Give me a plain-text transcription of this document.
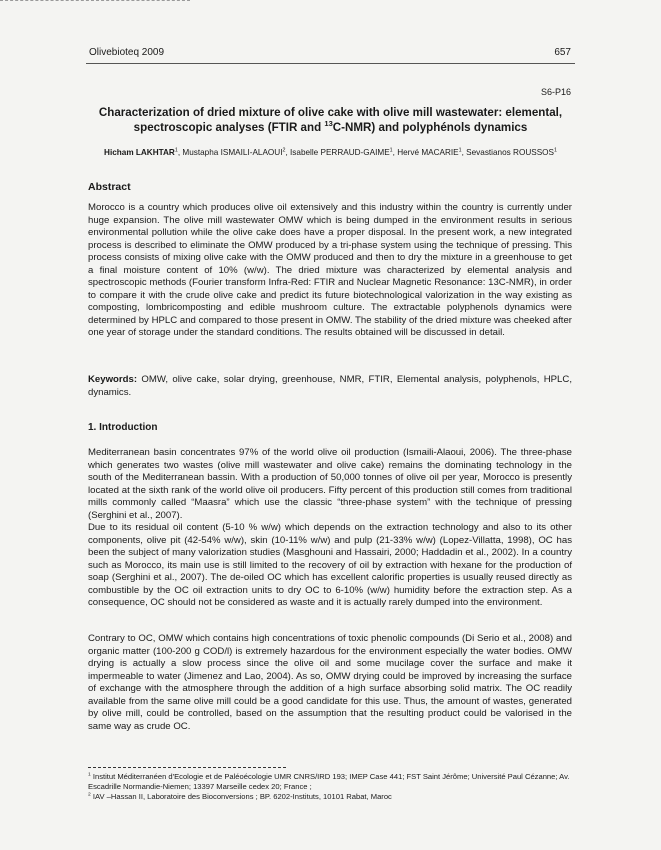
Olivebioteq 2009	657
S6-P16
Characterization of dried mixture of olive cake with olive mill wastewater: elemental,
spectroscopic analyses (FTIR and $^{13}$C-NMR) and polyphénols dynamics
Hicham LAKHTAR$^1$, Mustapha ISMAILI-ALAOUI$^2$, Isabelle PERRAUD-GAIME$^1$, Hervé MACARIE$^1$, Sevastianos ROUSSOS$^1$
Abstract

Morocco is a country which produces olive oil extensively and this industry within the country is currently under huge expansion. The olive mill wastewater OMW which is being dumped in the environment results in serious environmental pollution while the olive cake does have a proper disposal. In the present work, a new integrated process is described to eliminate the OMW produced by a tri-phase system using the technique of pressing. This process consists of mixing olive cake with the OMW produced and then to dry the mixture in a greenhouse to get a final moisture content of 10% (w/w). The dried mixture was characterized by elemental analysis and spectroscopic methods (Fourier transform Infra-Red: FTIR and Nuclear Magnetic Resonance: 13C-NMR), in order to compare it with the crude olive cake and predict its future biotechnological valorization in the way existing as composting, lombricomposting and edible mushroom culture. The extractable polyphenols dynamics were determined by HPLC and compared to those present in OMW. The stability of the dried mixture was cheeked after one year of storage under the standard conditions. The results obtained will be discussed in detail.

Keywords: OMW, olive cake, solar drying, greenhouse, NMR, FTIR, Elemental analysis, polyphenols, HPLC, dynamics.

1. Introduction

Mediterranean basin concentrates 97% of the world olive oil production (Ismaili-Alaoui, 2006). The three-phase which generates two wastes (olive mill wastewater and olive cake) remains the dominating technology in the south of the Mediterranean bassin. With a production of 50,000 tonnes of olive oil per year, Morocco is presently located at the sixth rank of the world olive oil producers. Fifty percent of this production still comes from traditional mills commonly called “Maasra” which use the classic “three-phase system” with the technique of pressing (Serghini et al., 2007).

Due to its residual oil content (5-10 % w/w) which depends on the extraction technology and also to its other components, olive pit (42-54% w/w), skin (10-11% w/w) and pulp (21-33% w/w) (Lopez-Villatta, 1998), OC has been the subject of many valorization studies (Masghouni and Hassairi, 2000; Haddadin et al., 2002). In a country such as Morocco, its main use is still limited to the recovery of oil by extraction with hexane for the production of soap (Serghini et al., 2007). The de-oiled OC which has excellent calorific properties is usually reused directly as combustible by the OC oil extraction units to dry OC to 6-10% (w/w) humidity before the extraction step. As a consequence, OC should not be considered as waste and it is actually rarely dumped into the environment.

Contrary to OC, OMW which contains high concentrations of toxic phenolic compounds (Di Serio et al., 2008) and organic matter (100-200 g COD/l) is extremely hazardous for the environment especially the water bodies. OMW drying is actually a slow process since the olive oil and some mucilage cover the surface and make it impermeable to water (Jimenez and Lao, 2004). As so, OMW drying could be improved by increasing the surface of exchange with the atmosphere through the addition of a high surface absorbing solid matrix. The OC readily available from the same olive mill could be a good candidate for this use. Thus, the amount of wastes, generated by olive mill, could be controlled, based on the assumption that the resulting product could be valorised in the same way as crude OC.

$^1$ Institut Méditerranéen d'Ecologie et de Paléoécologie UMR CNRS/IRD 193; IMEP Case 441; FST Saint Jérôme; Université Paul Cézanne; Av. Escadrille Normandie-Niemen; 13397 Marseille cedex 20; France ;

$^2$ IAV –Hassan II, Laboratoire des Bioconversions ; BP. 6202-Instituts, 10101 Rabat, Maroc
